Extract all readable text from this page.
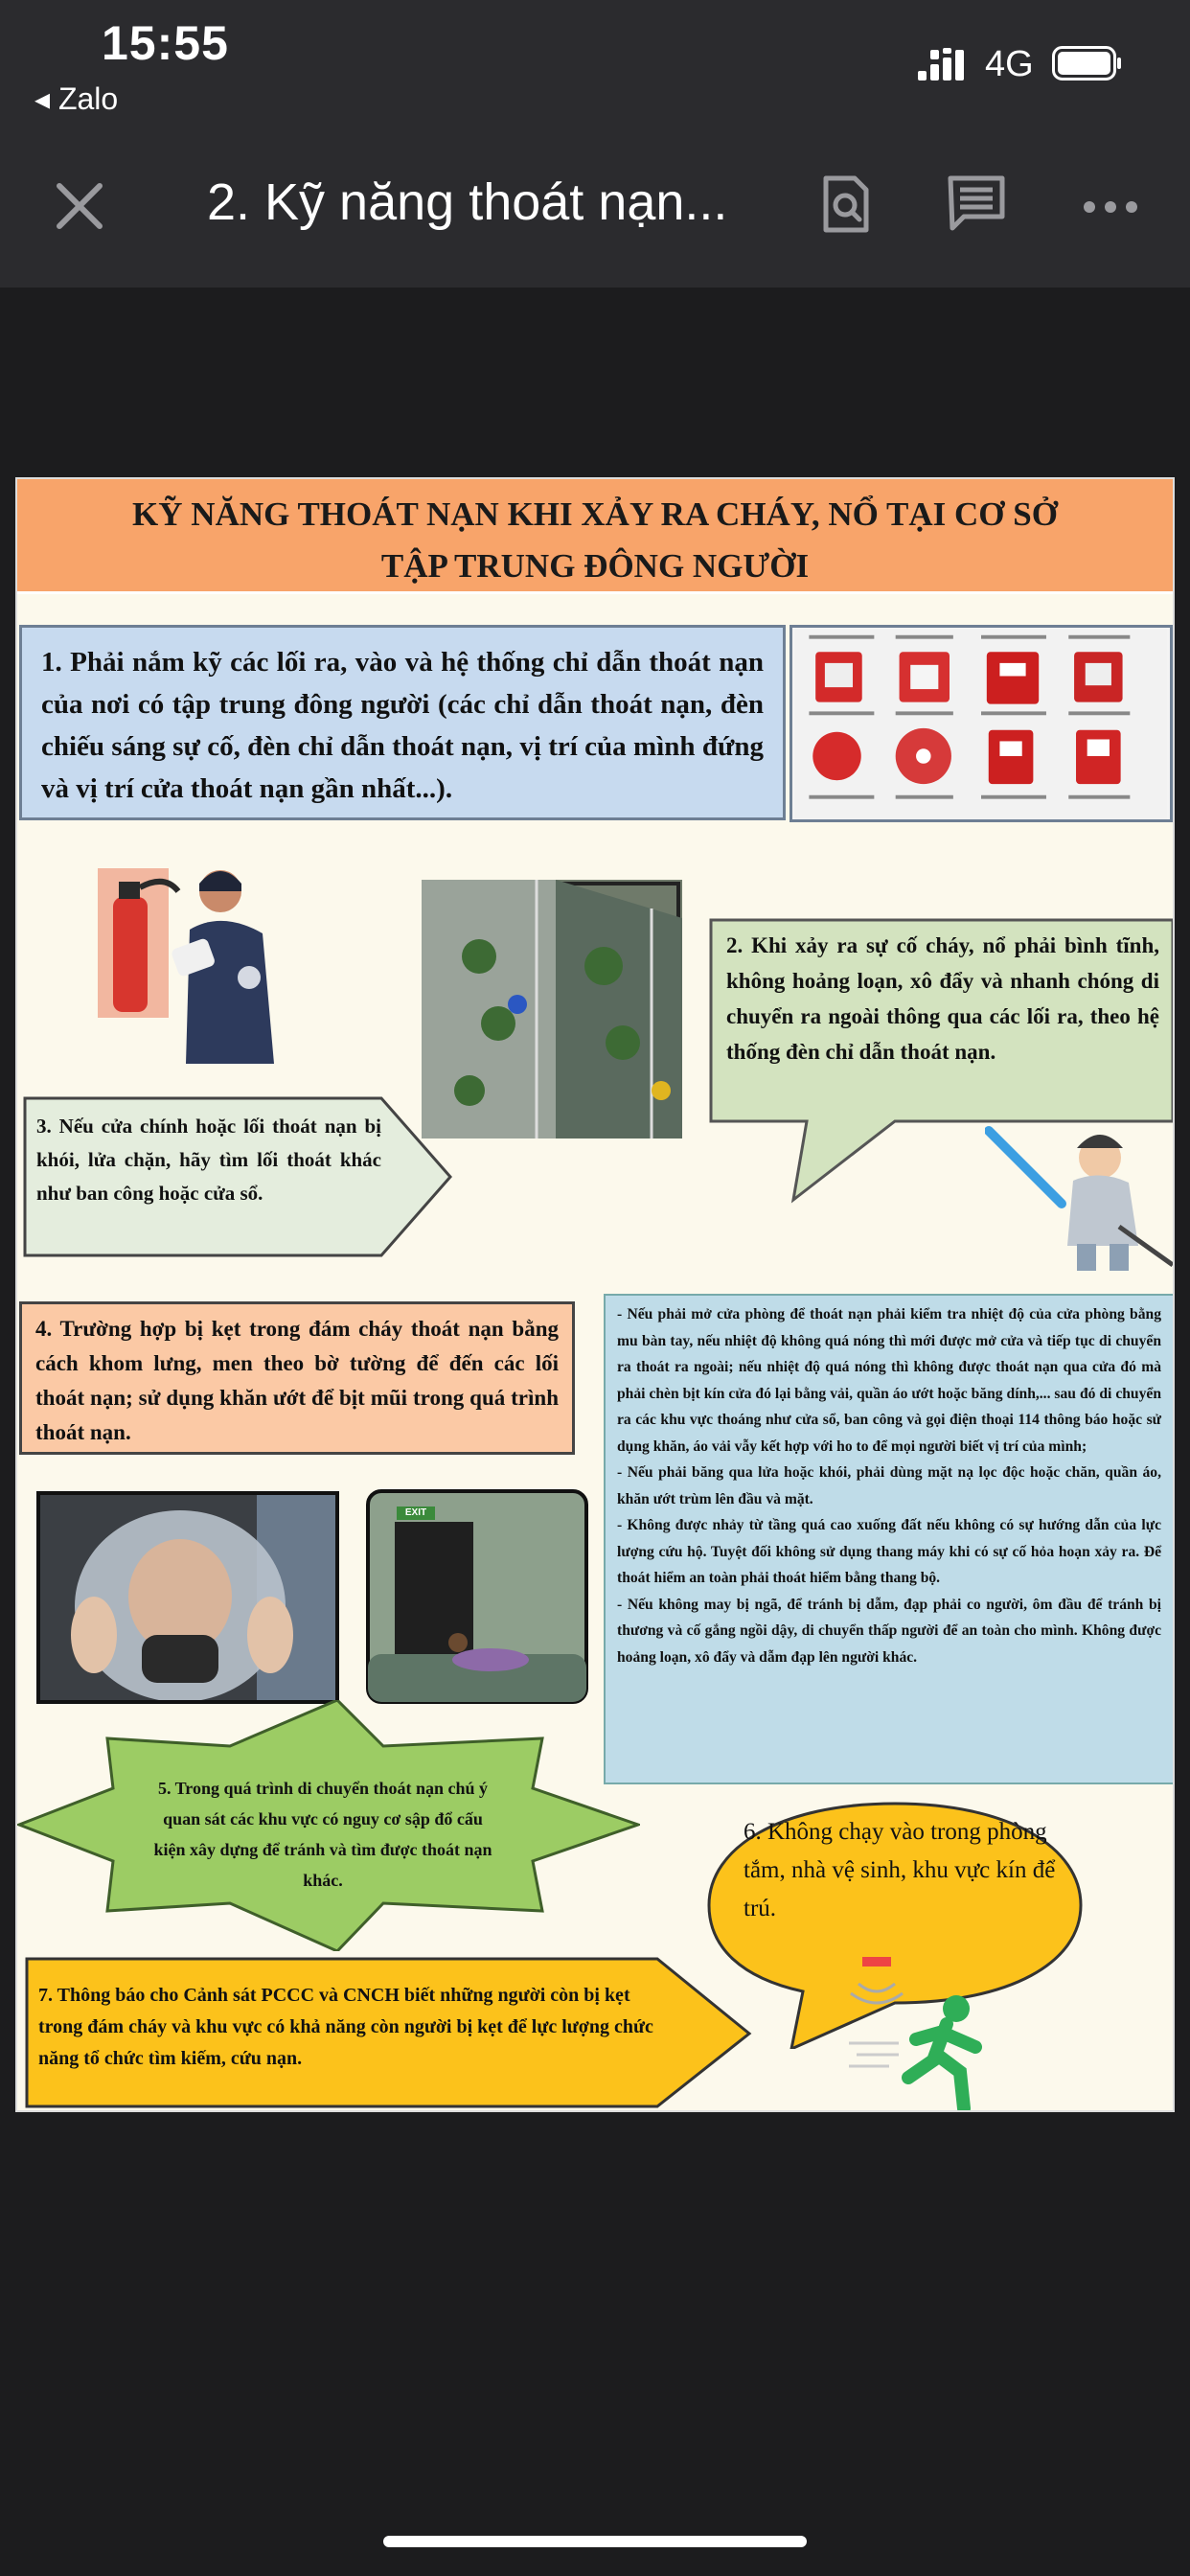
15:55
◂ Zalo
4G
2. Kỹ năng thoát nạn...
KỸ NĂNG THOÁT NẠN KHI XẢY RA CHÁY, NỔ TẠI CƠ SỞ
TẬP TRUNG ĐÔNG NGƯỜI
1. Phải nắm kỹ các lối ra, vào và hệ thống chỉ dẫn thoát nạn của nơi có tập trung đông người (các chỉ dẫn thoát nạn, đèn chiếu sáng sự cố, đèn chỉ dẫn thoát nạn, vị trí của mình đứng và vị trí cửa thoát nạn gần nhất...).
2. Khi xảy ra sự cố cháy, nổ phải bình tĩnh, không hoảng loạn, xô đẩy và nhanh chóng di chuyển ra ngoài thông qua các lối ra, theo hệ thống đèn chỉ dẫn thoát nạn.
3. Nếu cửa chính hoặc lối thoát nạn bị khói, lửa chặn, hãy tìm lối thoát khác như ban công hoặc cửa sổ.
4. Trường hợp bị kẹt trong đám cháy thoát nạn bằng cách khom lưng, men theo bờ tường để đến các lối thoát nạn; sử dụng khăn ướt để bịt mũi trong quá trình thoát nạn.

- Nếu phải mở cửa phòng để thoát nạn phải kiểm tra nhiệt độ của cửa phòng bằng mu bàn tay, nếu nhiệt độ không quá nóng thì mới được mở cửa và tiếp tục di chuyển ra thoát ra ngoài; nếu nhiệt độ quá nóng thì không được thoát nạn qua cửa đó mà phải chèn bịt kín cửa đó lại bằng vải, quần áo ướt hoặc băng dính,... sau đó di chuyển ra các khu vực thoáng như cửa sổ, ban công và gọi điện thoại 114 thông báo hoặc sử dụng khăn, áo vải vẫy kết hợp với ho to để mọi người biết vị trí của mình;

- Nếu phải băng qua lửa hoặc khói, phải dùng mặt nạ lọc độc hoặc chăn, quần áo, khăn ướt trùm lên đầu và mặt.

- Không được nhảy từ tầng quá cao xuống đất nếu không có sự hướng dẫn của lực lượng cứu hộ. Tuyệt đối không sử dụng thang máy khi có sự cố hỏa hoạn xảy ra. Để thoát hiểm an toàn phải thoát hiểm bằng thang bộ.

- Nếu không may bị ngã, để tránh bị dẫm, đạp phải co người, ôm đầu để tránh bị thương và cố gắng ngồi dậy, di chuyển thấp người để an toàn cho mình. Không được hoảng loạn, xô đẩy và dẫm đạp lên người khác.

EXIT
5. Trong quá trình di chuyển thoát nạn chú ý quan sát các khu vực có nguy cơ sập đổ cấu kiện xây dựng để tránh và tìm được thoát nạn khác.
6. Không chạy vào trong phòng tắm, nhà vệ sinh, khu vực kín để trú.
7. Thông báo cho Cảnh sát PCCC và CNCH biết những người còn bị kẹt trong đám cháy và khu vực có khả năng còn người bị kẹt để lực lượng chức năng tổ chức tìm kiếm, cứu nạn.
